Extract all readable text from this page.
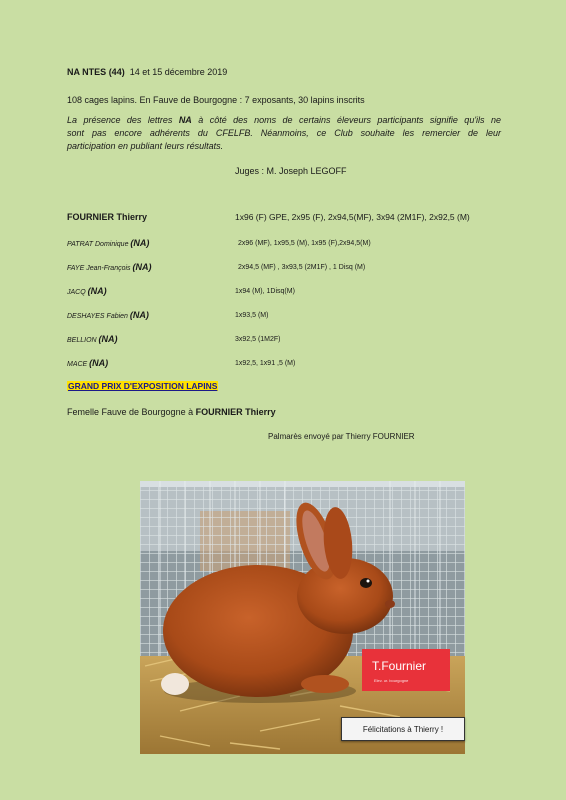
NA NTES (44) 14 et 15 décembre 2019
108 cages lapins. En Fauve de Bourgogne : 7 exposants, 30 lapins inscrits
La présence des lettres NA à côté des noms de certains éleveurs participants signifie qu'ils ne
sont pas encore adhérents du CFELFB. Néanmoins, ce Club souhaite les remercier de leur
participation en publiant leurs résultats.
Juges : M. Joseph LEGOFF
FOURNIER Thierry	1x96 (F) GPE, 2x95 (F), 2x94,5(MF), 3x94 (2M1F), 2x92,5 (M)
PATRAT Dominique (NA)	2x96 (MF), 1x95,5 (M), 1x95 (F),2x94,5(M)
FAYE Jean-François (NA)	2x94,5 (MF) , 3x93,5 (2M1F) , 1 Disq (M)
JACQ (NA)	1x94 (M), 1Disq(M)
DESHAYES Fabien (NA)	1x93,5 (M)
BELLION (NA)	3x92,5 (1M2F)
MACE (NA)	1x92,5, 1x91 ,5 (M)
GRAND PRIX D'EXPOSITION LAPINS
Femelle Fauve de Bourgogne à FOURNIER Thierry
Palmarès envoyé par Thierry FOURNIER
T.Fournier
Elev. ur. bourgogne
Félicitations à Thierry !
